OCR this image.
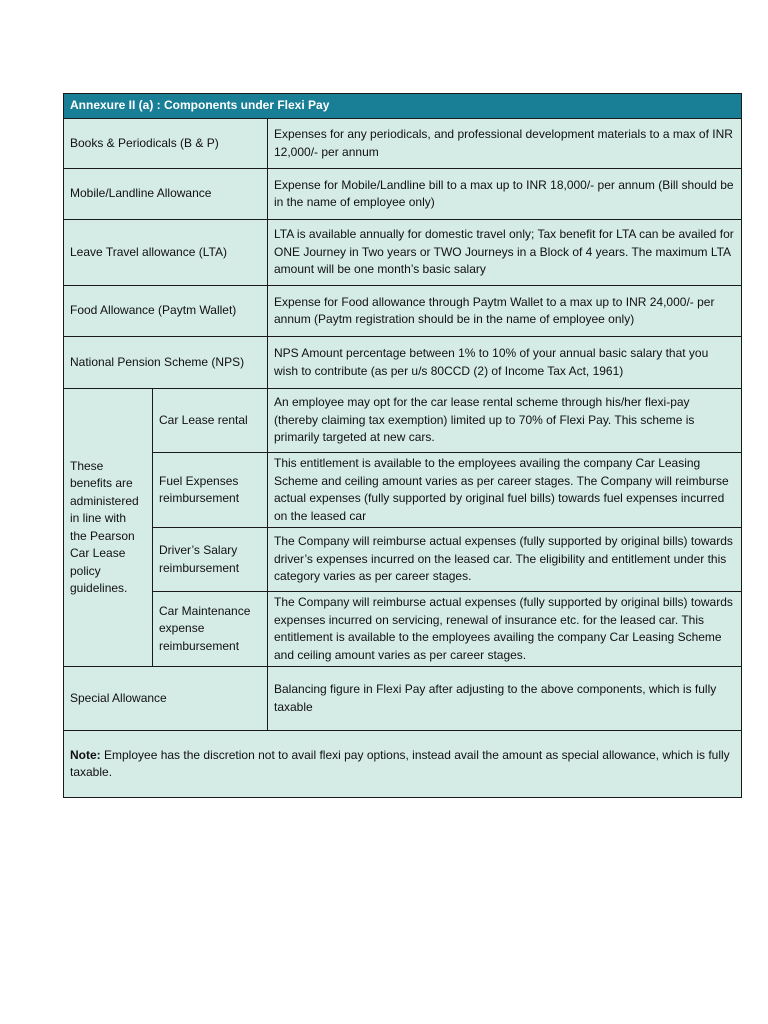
Annexure II (a) : Components under Flexi Pay		
Books & Periodicals (B & P)		Expenses for any periodicals, and professional development materials to a max of INR 12,000/- per annum
Mobile/Landline Allowance		Expense for Mobile/Landline bill to a max up to INR 18,000/- per annum (Bill should be in the name of employee only)
Leave Travel allowance (LTA)		LTA is available annually for domestic travel only; Tax benefit for LTA can be availed for ONE Journey in Two years or TWO Journeys in a Block of 4 years. The maximum LTA amount will be one month’s basic salary
Food Allowance (Paytm Wallet)		Expense for Food allowance through Paytm Wallet to a max up to INR 24,000/- per annum (Paytm registration should be in the name of employee only)
National Pension Scheme (NPS)		NPS Amount percentage between 1% to 10% of your annual basic salary that you wish to contribute (as per u/s 80CCD (2) of Income Tax Act, 1961)
These benefits are administered in line with the Pearson Car Lease policy guidelines.	Car Lease rental	An employee may opt for the car lease rental scheme through his/her flexi-pay (thereby claiming tax exemption) limited up to 70% of Flexi Pay. This scheme is primarily targeted at new cars.
	Fuel Expenses reimbursement	This entitlement is available to the employees availing the company Car Leasing Scheme and ceiling amount varies as per career stages. The Company will reimburse actual expenses (fully supported by original fuel bills) towards fuel expenses incurred on the leased car
	Driver’s Salary reimbursement	The Company will reimburse actual expenses (fully supported by original bills) towards driver’s expenses incurred on the leased car. The eligibility and entitlement under this category varies as per career stages.
	Car Maintenance expense reimbursement	The Company will reimburse actual expenses (fully supported by original bills) towards expenses incurred on servicing, renewal of insurance etc. for the leased car. This entitlement is available to the employees availing the company Car Leasing Scheme and ceiling amount varies as per career stages.
Special Allowance		Balancing figure in Flexi Pay after adjusting to the above components, which is fully taxable
Note: Employee has the discretion not to avail flexi pay options, instead avail the amount as special allowance, which is fully taxable.		
